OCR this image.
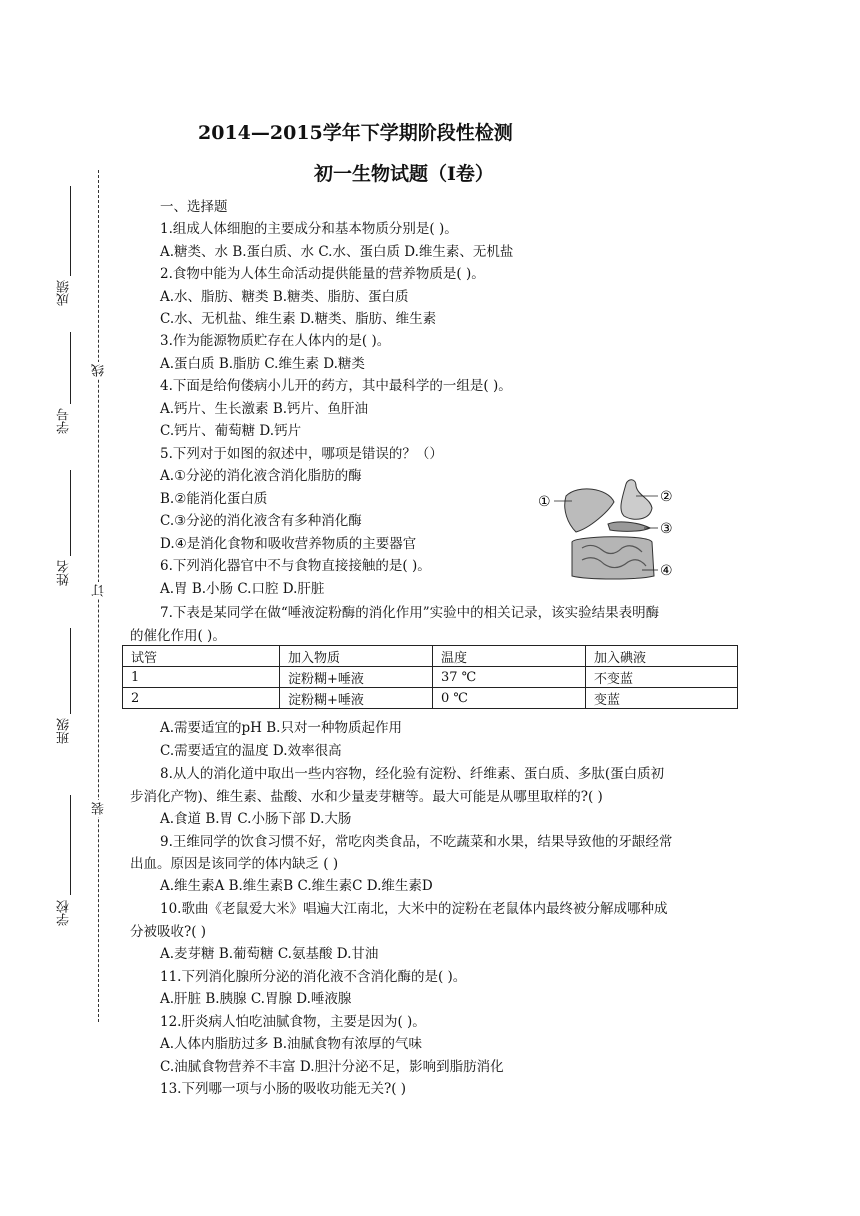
2014—2015学年下学期阶段性检测
初一生物试题（Ⅰ卷）
线
订
装
成绩
学号
姓名
班级
学校
一、选择题
1.组成人体细胞的主要成分和基本物质分别是( )。
A.糖类、水 B.蛋白质、水 C.水、蛋白质 D.维生素、无机盐
2.食物中能为人体生命活动提供能量的营养物质是( )。
A.水、脂肪、糖类 B.糖类、脂肪、蛋白质
C.水、无机盐、维生素 D.糖类、脂肪、维生素
3.作为能源物质贮存在人体内的是( )。
A.蛋白质 B.脂肪 C.维生素 D.糖类
4.下面是给佝偻病小儿开的药方，其中最科学的一组是( )。
A.钙片、生长激素 B.钙片、鱼肝油
C.钙片、葡萄糖 D.钙片
5.下列对于如图的叙述中，哪项是错误的？（）
A.①分泌的消化液含消化脂肪的酶
B.②能消化蛋白质
C.③分泌的消化液含有多种消化酶
D.④是消化食物和吸收营养物质的主要器官
6.下列消化器官中不与食物直接接触的是( )。
A.胃 B.小肠 C.口腔 D.肝脏
7.下表是某同学在做“唾液淀粉酶的消化作用”实验中的相关记录，该实验结果表明酶
的催化作用( )。
①	②
③
④
试管	加入物质	温度	加入碘液
1	淀粉糊+唾液	37 ℃	不变蓝
2	淀粉糊+唾液	0 ℃	变蓝
A.需要适宜的pH B.只对一种物质起作用
C.需要适宜的温度 D.效率很高
8.从人的消化道中取出一些内容物，经化验有淀粉、纤维素、蛋白质、多肽(蛋白质初
步消化产物)、维生素、盐酸、水和少量麦芽糖等。最大可能是从哪里取样的?( )
A.食道 B.胃 C.小肠下部 D.大肠
9.王维同学的饮食习惯不好，常吃肉类食品，不吃蔬菜和水果，结果导致他的牙龈经常
出血。原因是该同学的体内缺乏 ( )
A.维生素A B.维生素B C.维生素C D.维生素D
10.歌曲《老鼠爱大米》唱遍大江南北，大米中的淀粉在老鼠体内最终被分解成哪种成
分被吸收?( )
A.麦芽糖 B.葡萄糖 C.氨基酸 D.甘油
11.下列消化腺所分泌的消化液不含消化酶的是( )。
A.肝脏 B.胰腺 C.胃腺 D.唾液腺
12.肝炎病人怕吃油腻食物，主要是因为( )。
A.人体内脂肪过多 B.油腻食物有浓厚的气味
C.油腻食物营养不丰富 D.胆汁分泌不足，影响到脂肪消化
13.下列哪一项与小肠的吸收功能无关?( )
